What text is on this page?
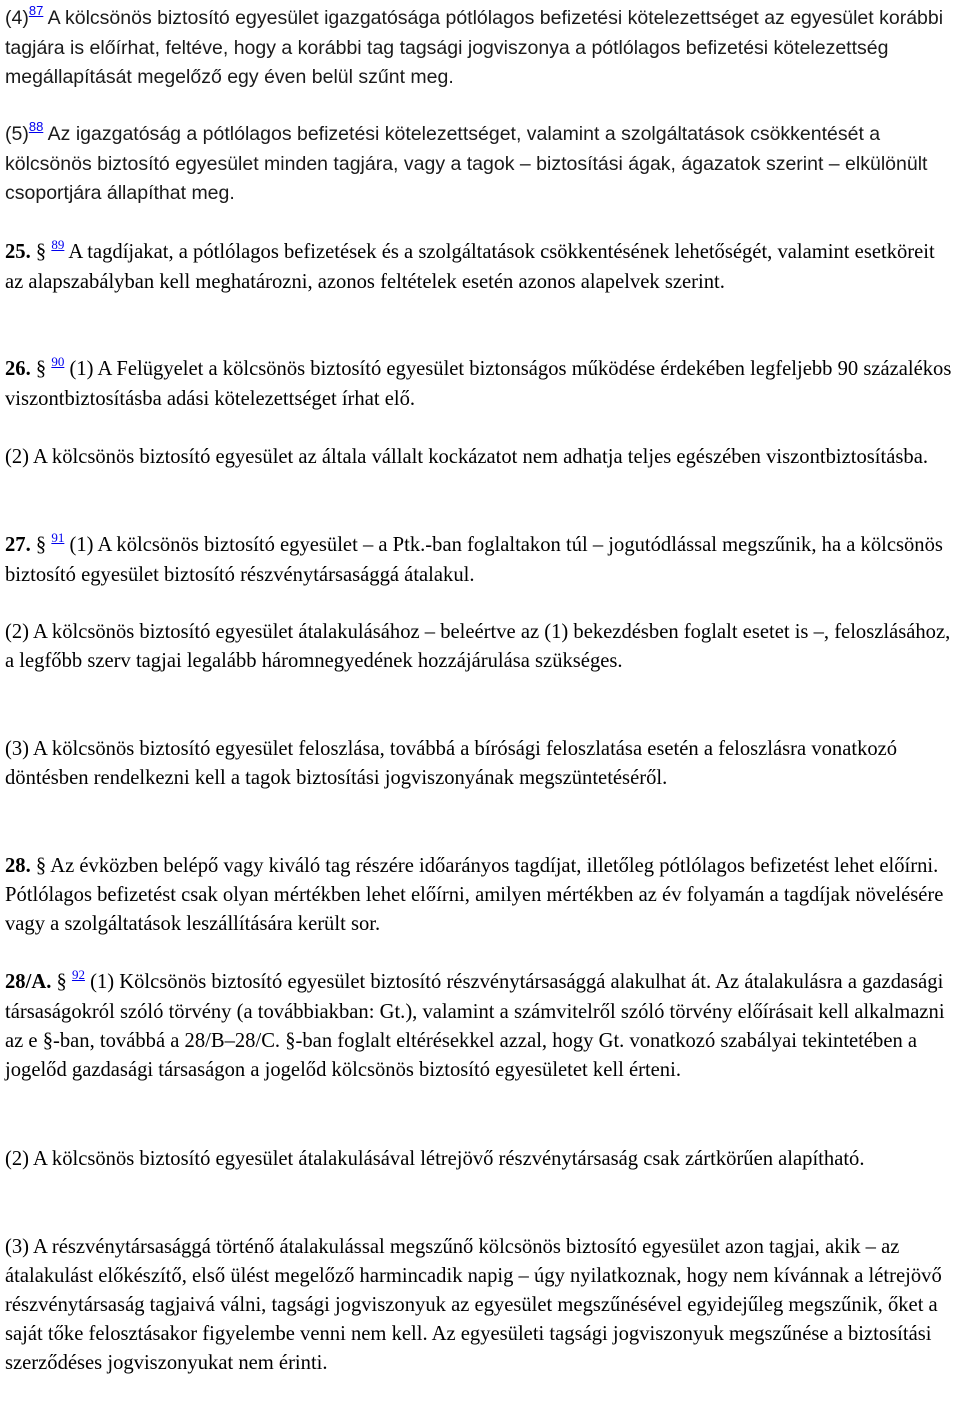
(4)$^{87}$ A kölcsönös biztosító egyesület igazgatósága pótlólagos befizetési kötelezettséget az egyesület korábbi tagjára is előírhat, feltéve, hogy a korábbi tag tagsági jogviszonya a pótlólagos befizetési kötelezettség megállapítását megelőző egy éven belül szűnt meg.

(5)$^{88}$ Az igazgatóság a pótlólagos befizetési kötelezettséget, valamint a szolgáltatások csökkentését a kölcsönös biztosító egyesület minden tagjára, vagy a tagok – biztosítási ágak, ágazatok szerint – elkülönült csoportjára állapíthat meg.

25. § $^{89}$ A tagdíjakat, a pótlólagos befizetések és a szolgáltatások csökkentésének lehetőségét, valamint esetköreit az alapszabályban kell meghatározni, azonos feltételek esetén azonos alapelvek szerint.

26. § $^{90}$ (1) A Felügyelet a kölcsönös biztosító egyesület biztonságos működése érdekében legfeljebb 90 százalékos viszontbiztosításba adási kötelezettséget írhat elő.

(2) A kölcsönös biztosító egyesület az általa vállalt kockázatot nem adhatja teljes egészében viszontbiztosításba.

27. § $^{91}$ (1) A kölcsönös biztosító egyesület – a Ptk.-ban foglaltakon túl – jogutódlással megszűnik, ha a kölcsönös biztosító egyesület biztosító részvénytársasággá átalakul.

(2) A kölcsönös biztosító egyesület átalakulásához – beleértve az (1) bekezdésben foglalt esetet is –, feloszlásához, a legfőbb szerv tagjai legalább háromnegyedének hozzájárulása szükséges.

(3) A kölcsönös biztosító egyesület feloszlása, továbbá a bírósági feloszlatása esetén a feloszlásra vonatkozó döntésben rendelkezni kell a tagok biztosítási jogviszonyának megszüntetéséről.

28. § Az évközben belépő vagy kiváló tag részére időarányos tagdíjat, illetőleg pótlólagos befizetést lehet előírni. Pótlólagos befizetést csak olyan mértékben lehet előírni, amilyen mértékben az év folyamán a tagdíjak növelésére vagy a szolgáltatások leszállítására került sor.

28/A. § $^{92}$ (1) Kölcsönös biztosító egyesület biztosító részvénytársasággá alakulhat át. Az átalakulásra a gazdasági társaságokról szóló törvény (a továbbiakban: Gt.), valamint a számvitelről szóló törvény előírásait kell alkalmazni az e §-ban, továbbá a 28/B–28/C. §-ban foglalt eltérésekkel azzal, hogy Gt. vonatkozó szabályai tekintetében a jogelőd gazdasági társaságon a jogelőd kölcsönös biztosító egyesületet kell érteni.

(2) A kölcsönös biztosító egyesület átalakulásával létrejövő részvénytársaság csak zártkörűen alapítható.

(3) A részvénytársasággá történő átalakulással megszűnő kölcsönös biztosító egyesület azon tagjai, akik – az átalakulást előkészítő, első ülést megelőző harmincadik napig – úgy nyilatkoznak, hogy nem kívánnak a létrejövő részvénytársaság tagjaivá válni, tagsági jogviszonyuk az egyesület megszűnésével egyidejűleg megszűnik, őket a saját tőke felosztásakor figyelembe venni nem kell. Az egyesületi tagsági jogviszonyuk megszűnése a biztosítási szerződéses jogviszonyukat nem érinti.
